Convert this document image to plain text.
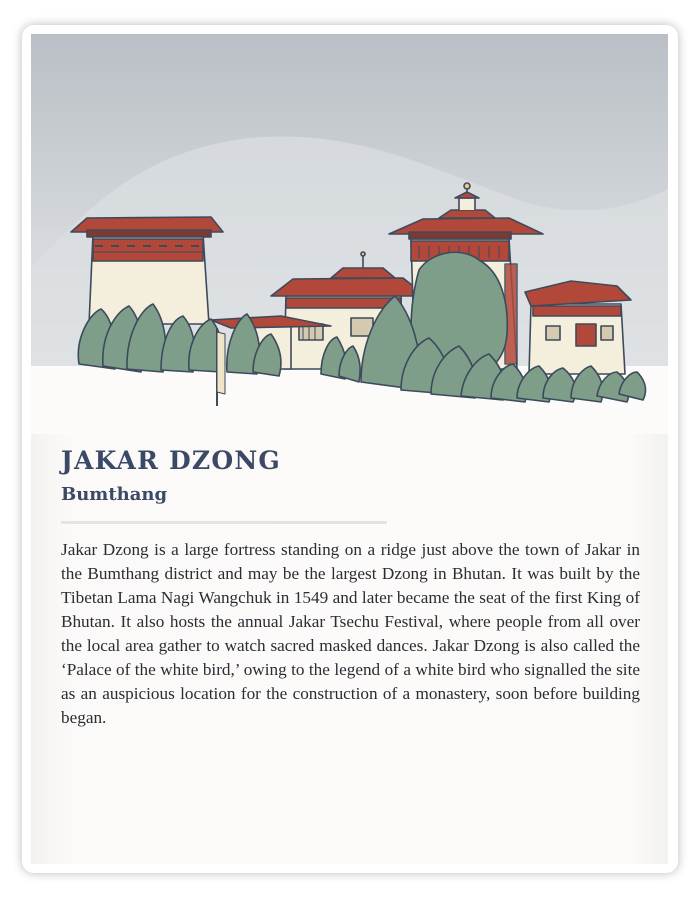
JAKAR DZONG
Bumthang

Jakar Dzong is a large fortress standing on a ridge just above the town of Jakar in the Bumthang district and may be the largest Dzong in Bhutan. It was built by the Tibetan Lama Nagi Wangchuk in 1549 and later became the seat of the first King of Bhutan. It also hosts the annual Jakar Tsechu Festival, where people from all over the local area gather to watch sacred masked dances. Jakar Dzong is also called the ‘Palace of the white bird,’ owing to the legend of a white bird who signalled the site as an auspicious location for the construction of a monastery, soon before building began.
